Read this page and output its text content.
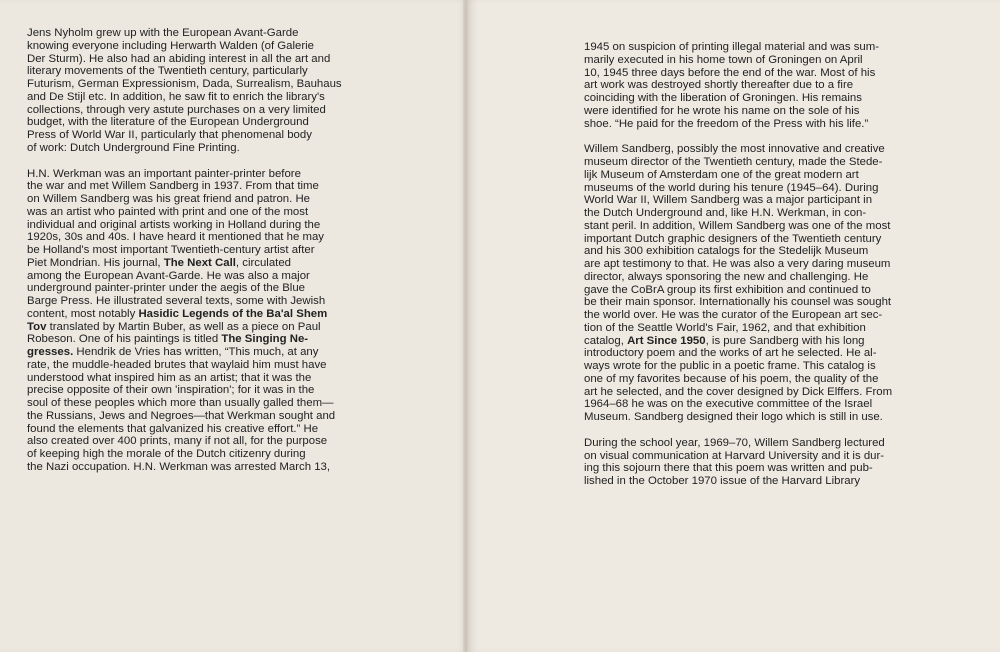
Jens Nyholm grew up with the European Avant-Garde
knowing everyone including Herwarth Walden (of Galerie
Der Sturm). He also had an abiding interest in all the art and
literary movements of the Twentieth century, particularly
Futurism, German Expressionism, Dada, Surrealism, Bauhaus
and De Stijl etc. In addition, he saw fit to enrich the library's
collections, through very astute purchases on a very limited
budget, with the literature of the European Underground
Press of World War II, particularly that phenomenal body
of work: Dutch Underground Fine Printing.
H.N. Werkman was an important painter-printer before
the war and met Willem Sandberg in 1937. From that time
on Willem Sandberg was his great friend and patron. He
was an artist who painted with print and one of the most
individual and original artists working in Holland during the
1920s, 30s and 40s. I have heard it mentioned that he may
be Holland's most important Twentieth-century artist after
Piet Mondrian. His journal, The Next Call, circulated
among the European Avant-Garde. He was also a major
underground painter-printer under the aegis of the Blue
Barge Press. He illustrated several texts, some with Jewish
content, most notably Hasidic Legends of the Ba'al Shem
Tov translated by Martin Buber, as well as a piece on Paul
Robeson. One of his paintings is titled The Singing Ne-
gresses. Hendrik de Vries has written, “This much, at any
rate, the muddle-headed brutes that waylaid him must have
understood what inspired him as an artist; that it was the
precise opposite of their own 'inspiration'; for it was in the
soul of these peoples which more than usually galled them—
the Russians, Jews and Negroes—that Werkman sought and
found the elements that galvanized his creative effort.” He
also created over 400 prints, many if not all, for the purpose
of keeping high the morale of the Dutch citizenry during
the Nazi occupation. H.N. Werkman was arrested March 13,
1945 on suspicion of printing illegal material and was sum-
marily executed in his home town of Groningen on April
10, 1945 three days before the end of the war. Most of his
art work was destroyed shortly thereafter due to a fire
coinciding with the liberation of Groningen. His remains
were identified for he wrote his name on the sole of his
shoe. “He paid for the freedom of the Press with his life.”
Willem Sandberg, possibly the most innovative and creative
museum director of the Twentieth century, made the Stede-
lijk Museum of Amsterdam one of the great modern art
museums of the world during his tenure (1945–64). During
World War II, Willem Sandberg was a major participant in
the Dutch Underground and, like H.N. Werkman, in con-
stant peril. In addition, Willem Sandberg was one of the most
important Dutch graphic designers of the Twentieth century
and his 300 exhibition catalogs for the Stedelijk Museum
are apt testimony to that. He was also a very daring museum
director, always sponsoring the new and challenging. He
gave the CoBrA group its first exhibition and continued to
be their main sponsor. Internationally his counsel was sought
the world over. He was the curator of the European art sec-
tion of the Seattle World's Fair, 1962, and that exhibition
catalog, Art Since 1950, is pure Sandberg with his long
introductory poem and the works of art he selected. He al-
ways wrote for the public in a poetic frame. This catalog is
one of my favorites because of his poem, the quality of the
art he selected, and the cover designed by Dick Elffers. From
1964–68 he was on the executive committee of the Israel
Museum. Sandberg designed their logo which is still in use.
During the school year, 1969–70, Willem Sandberg lectured
on visual communication at Harvard University and it is dur-
ing this sojourn there that this poem was written and pub-
lished in the October 1970 issue of the Harvard Library
